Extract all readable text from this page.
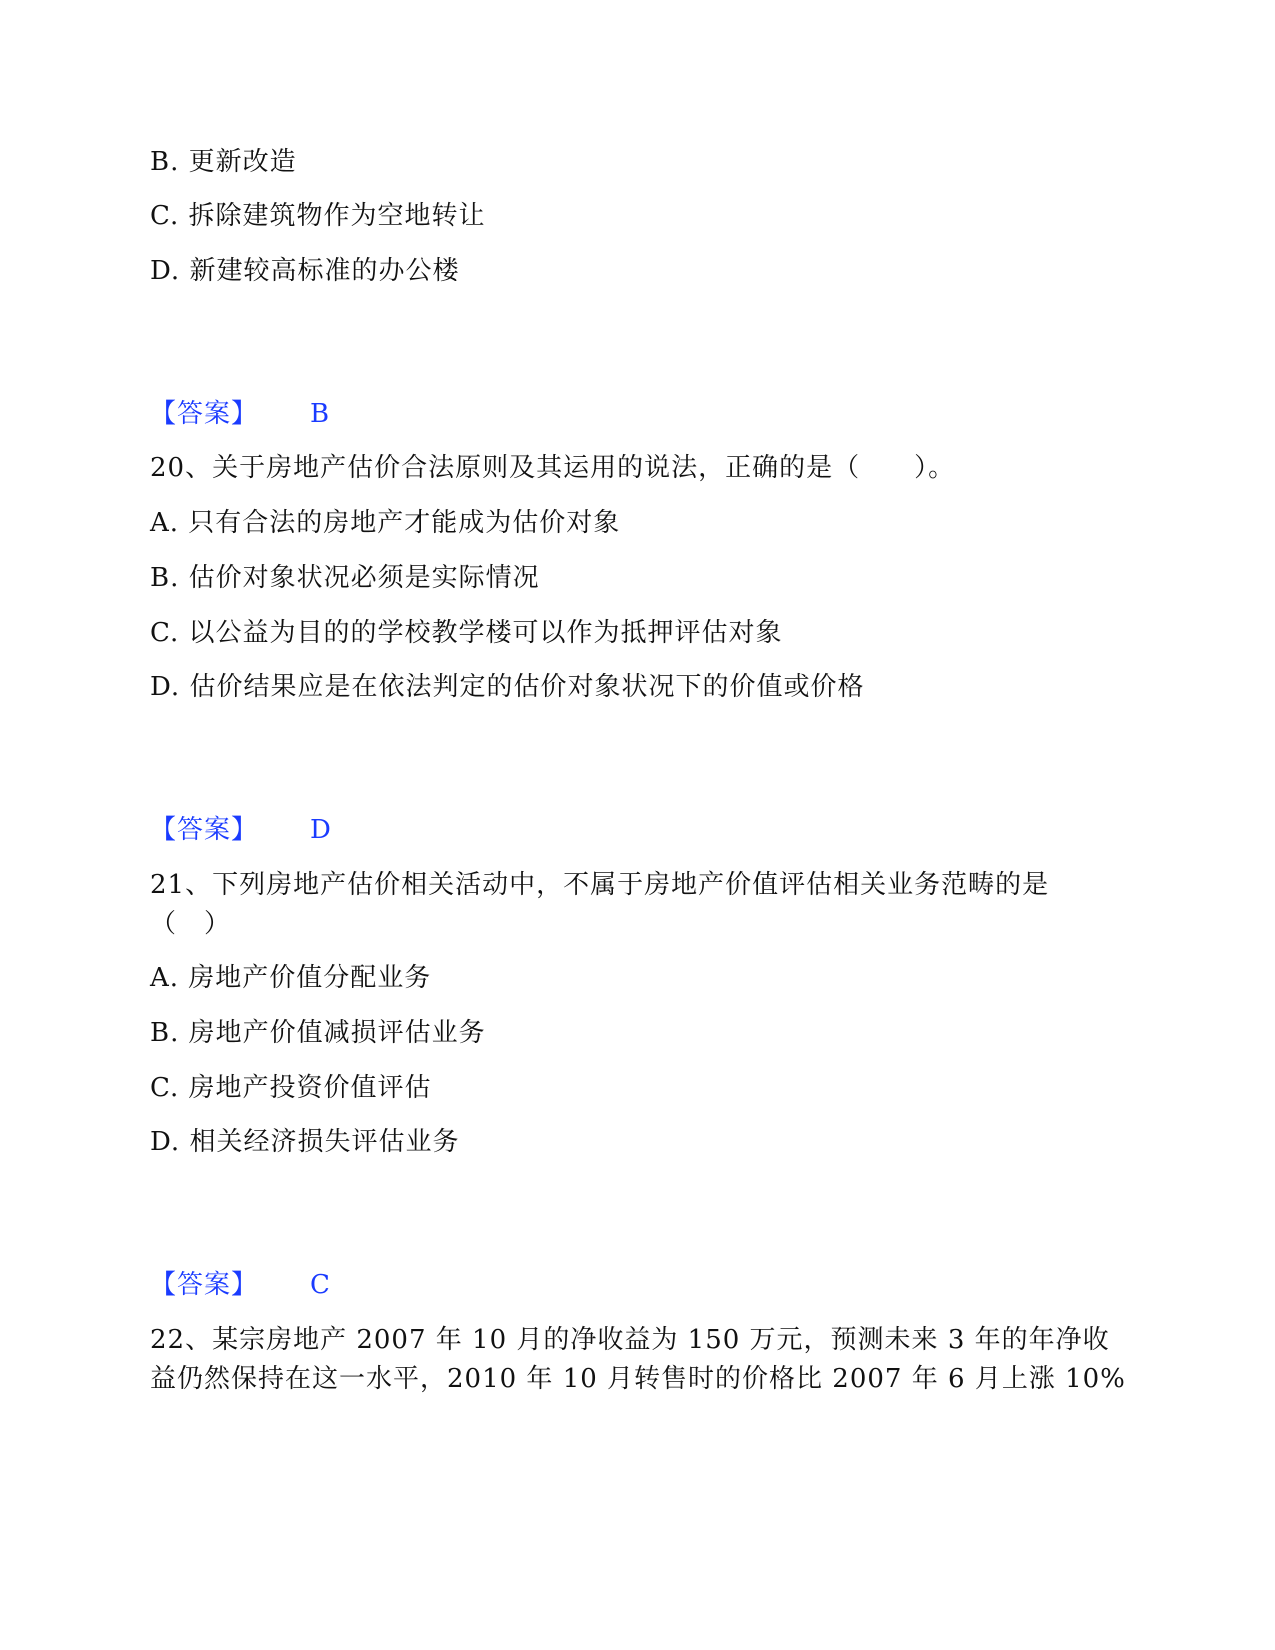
B. 更新改造
C. 拆除建筑物作为空地转让
D. 新建较高标准的办公楼
【答案】 B
20、关于房地产估价合法原则及其运用的说法，正确的是（　　）。
A. 只有合法的房地产才能成为估价对象
B. 估价对象状况必须是实际情况
C. 以公益为目的的学校教学楼可以作为抵押评估对象
D. 估价结果应是在依法判定的估价对象状况下的价值或价格
【答案】 D
21、下列房地产估价相关活动中，不属于房地产价值评估相关业务范畴的是
（　）
A. 房地产价值分配业务
B. 房地产价值减损评估业务
C. 房地产投资价值评估
D. 相关经济损失评估业务
【答案】 C
22、某宗房地产 2007 年 10 月的净收益为 150 万元，预测未来 3 年的年净收
益仍然保持在这一水平，2010 年 10 月转售时的价格比 2007 年 6 月上涨 10%
